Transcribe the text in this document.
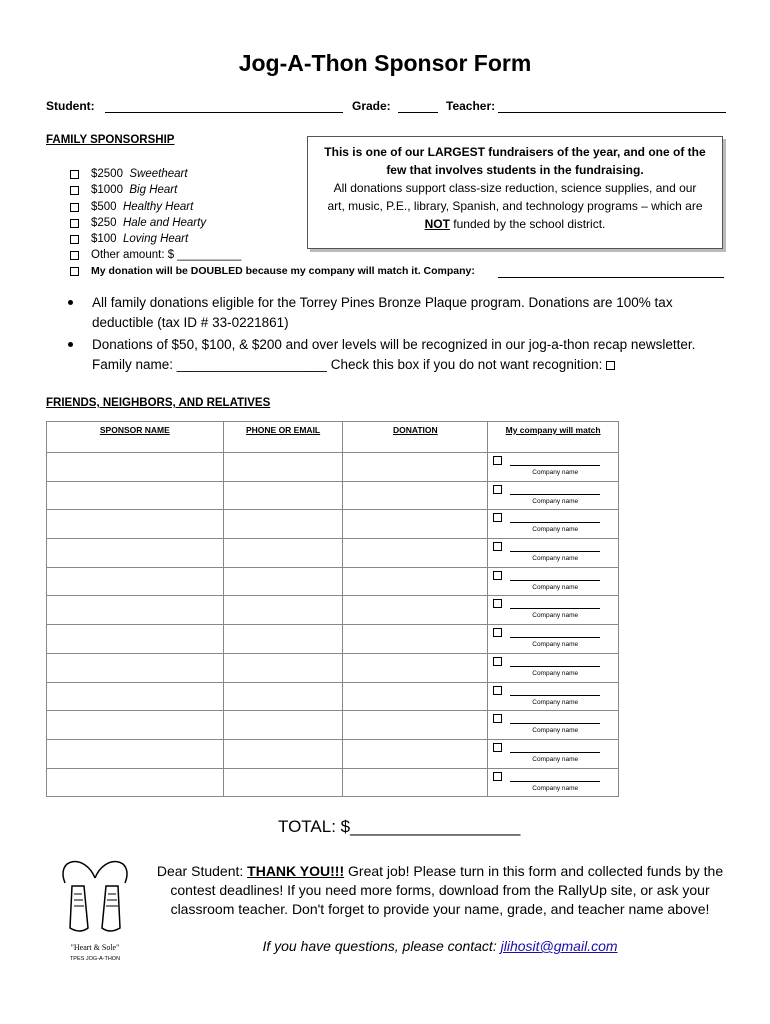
Jog-A-Thon Sponsor Form
Student:	Grade:	Teacher:
FAMILY SPONSORSHIP
$2500 Sweetheart
$1000 Big Heart
$500 Healthy Heart
$250 Hale and Hearty
$100 Loving Heart
Other amount: $ __________
My donation will be DOUBLED because my company will match it. Company:
This is one of our LARGEST fundraisers of the year, and one of the
few that involves students in the fundraising.
All donations support class-size reduction, science supplies, and our
art, music, P.E., library, Spanish, and technology programs – which are
NOT funded by the school district.
All family donations eligible for the Torrey Pines Bronze Plaque program. Donations are 100% tax
deductible (tax ID # 33-0221861)
Donations of $50, $100, & $200 and over levels will be recognized in our jog-a-thon recap newsletter.
Family name: ____________________ Check this box if you do not want recognition:
FRIENDS, NEIGHBORS, AND RELATIVES
SPONSOR NAME	PHONE OR EMAIL	DONATION	My company will match

			Company name

			Company name

			Company name

			Company name

			Company name

			Company name

			Company name

			Company name

			Company name

			Company name

			Company name

			Company name
TOTAL: $__________________
"Heart & Sole"
TPES JOG-A-THON
Dear Student: THANK YOU!!! Great job! Please turn in this form and collected funds by the
contest deadlines! If you need more forms, download from the RallyUp site, or ask your
classroom teacher. Don't forget to provide your name, grade, and teacher name above!
If you have questions, please contact: jlihosit@gmail.com
